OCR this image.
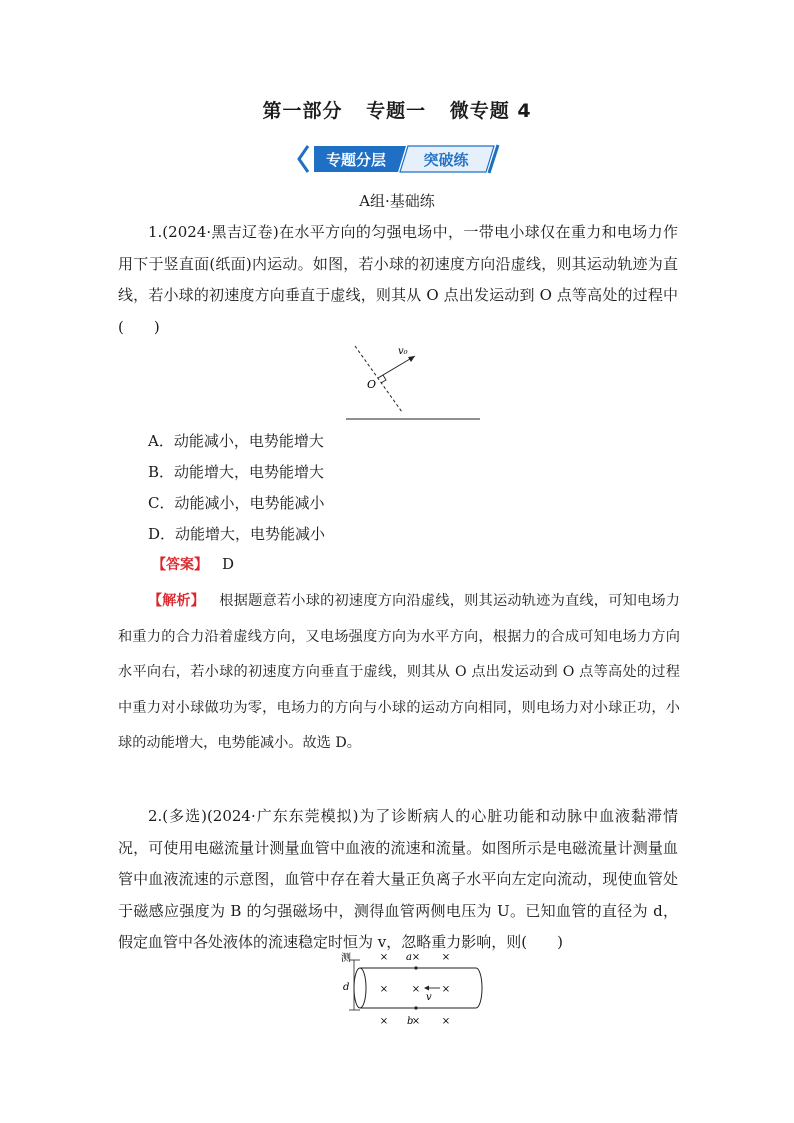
第一部分 专题一 微专题 4
专题分层 突破练
A组·基础练
1.(2024·黑吉辽卷)在水平方向的匀强电场中，一带电小球仅在重力和电场力作用下于竖直面(纸面)内运动。如图，若小球的初速度方向沿虚线，则其运动轨迹为直线，若小球的初速度方向垂直于虚线，则其从 O 点出发运动到 O 点等高处的过程中(　　)
O
v₀
A．动能减小，电势能增大
B．动能增大，电势能增大
C．动能减小，电势能减小
D．动能增大，电势能减小
【答案】 D
【解析】  根据题意若小球的初速度方向沿虚线，则其运动轨迹为直线，可知电场力和重力的合力沿着虚线方向，又电场强度方向为水平方向，根据力的合成可知电场力方向水平向右，若小球的初速度方向垂直于虚线，则其从 O 点出发运动到 O 点等高处的过程中重力对小球做功为零，电场力的方向与小球的运动方向相同，则电场力对小球正功，小球的动能增大，电势能减小。故选 D。
2.(多选)(2024·广东东莞模拟)为了诊断病人的心脏功能和动脉中血液黏滞情况，可使用电磁流量计测量血管中血液的流速和流量。如图所示是电磁流量计测量血管中血液流速的示意图，血管中存在着大量正负离子水平向左定向流动，现使血管处于磁感应强度为 B 的匀强磁场中，测得血管两侧电压为 U。已知血管的直径为 d，假定血管中各处液体的流速稳定时恒为 v，忽略重力影响，则(　　)
测
d
× × ×
× × ×
× × ×
a
b
v
